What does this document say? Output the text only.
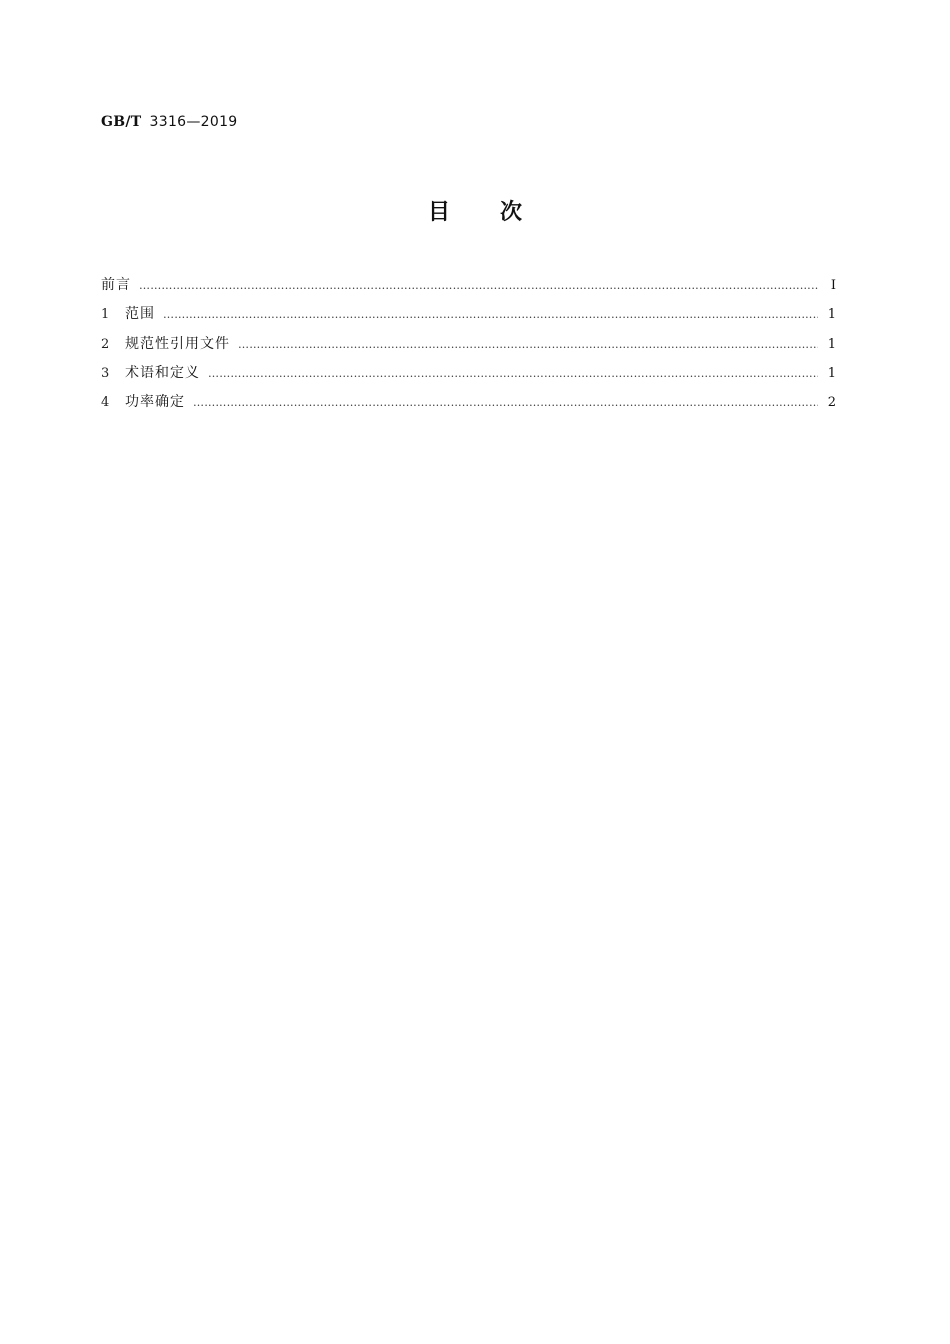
GB/T 3316—2019
目 次
前言 …………………………………………………………………………………………………………………………………………………………………………………………	Ⅰ
1	范围 …………………………………………………………………………………………………………………………………………………………………………………………	1
2	规范性引用文件 …………………………………………………………………………………………………………………………………………………………………………………………	1
3	术语和定义 …………………………………………………………………………………………………………………………………………………………………………………………	1
4	功率确定 …………………………………………………………………………………………………………………………………………………………………………………………	2
